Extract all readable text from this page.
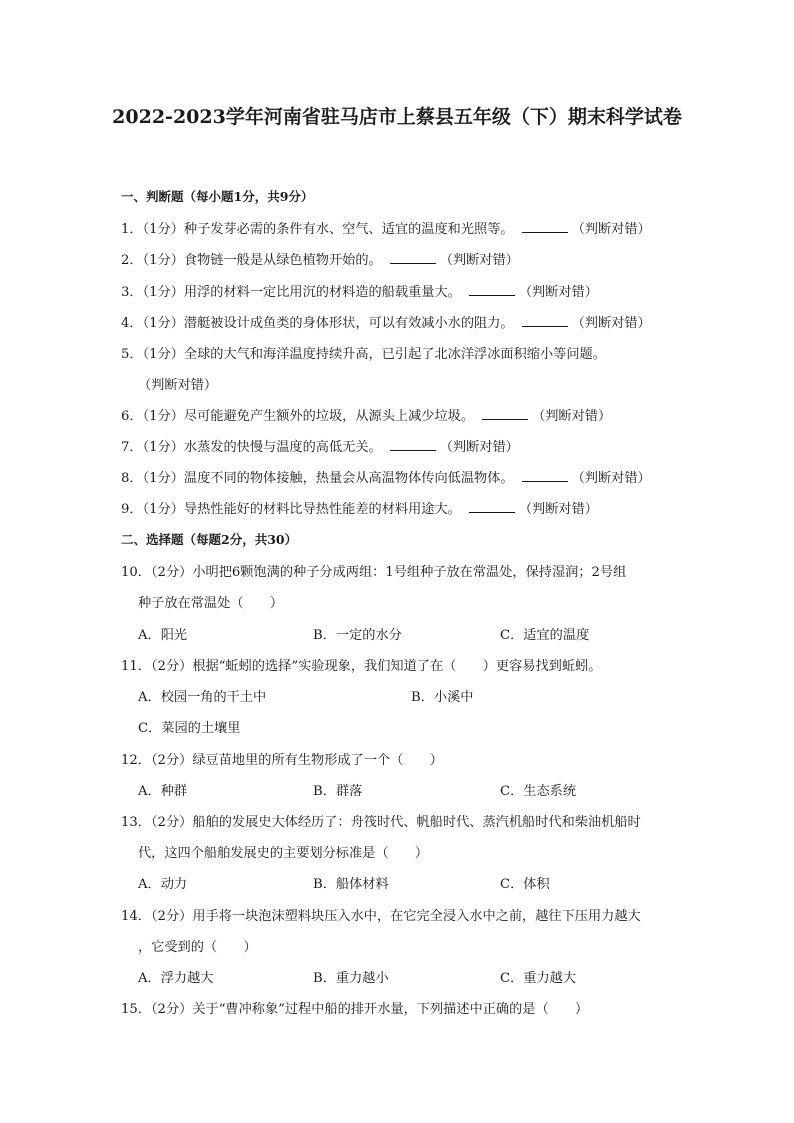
2022-2023学年河南省驻马店市上蔡县五年级（下）期末科学试卷
一、判断题（每小题1分，共9分）
1．（1分）种子发芽必需的条件有水、空气、适宜的温度和光照等。	（判断对错）
2．（1分）食物链一般是从绿色植物开始的。	（判断对错）
3．（1分）用浮的材料一定比用沉的材料造的船载重量大。	（判断对错）
4．（1分）潜艇被设计成鱼类的身体形状，可以有效减小水的阻力。	（判断对错）
5．（1分）全球的大气和海洋温度持续升高，已引起了北冰洋浮冰面积缩小等问题。
（判断对错）
6．（1分）尽可能避免产生额外的垃圾，从源头上减少垃圾。	（判断对错）
7．（1分）水蒸发的快慢与温度的高低无关。	（判断对错）
8．（1分）温度不同的物体接触，热量会从高温物体传向低温物体。	（判断对错）
9．（1分）导热性能好的材料比导热性能差的材料用途大。	（判断对错）
二、选择题（每题2分，共30）
10．（2分）小明把6颗饱满的种子分成两组：1号组种子放在常温处，保持湿润；2号组
种子放在常温处（　　）
A．阳光	B．一定的水分	C．适宜的温度
11．（2分）根据“蚯蚓的选择”实验现象，我们知道了在（　　）更容易找到蚯蚓。
A．校园一角的干土中	B．小溪中
C．菜园的土壤里
12．（2分）绿豆苗地里的所有生物形成了一个（　　）
A．种群	B．群落	C．生态系统
13．（2分）船舶的发展史大体经历了：舟筏时代、帆船时代、蒸汽机船时代和柴油机船时
代，这四个船舶发展史的主要划分标准是（　　）
A．动力	B．船体材料	C．体积
14．（2分）用手将一块泡沫塑料块压入水中，在它完全浸入水中之前，越往下压用力越大
，它受到的（　　）
A．浮力越大	B．重力越小	C．重力越大
15．（2分）关于“曹冲称象”过程中船的排开水量，下列描述中正确的是（　　）
